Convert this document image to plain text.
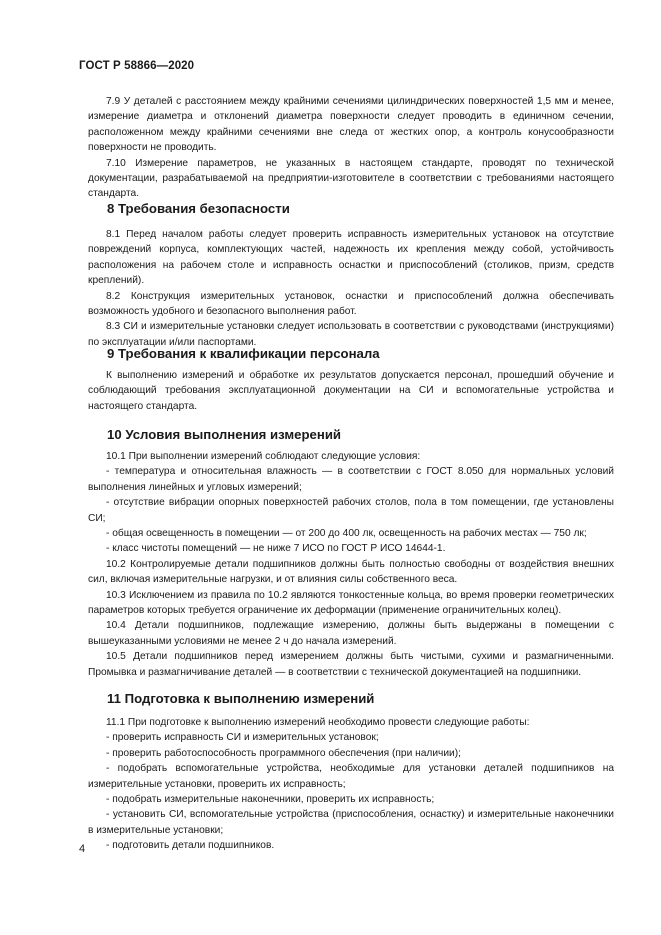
ГОСТ Р 58866—2020

7.9 У деталей с расстоянием между крайними сечениями цилиндрических поверхностей 1,5 мм и менее, измерение диаметра и отклонений диаметра поверхности следует проводить в единичном сечении, расположенном между крайними сечениями вне следа от жестких опор, а контроль конусообразности поверхности не проводить.

7.10 Измерение параметров, не указанных в настоящем стандарте, проводят по технической документации, разрабатываемой на предприятии-изготовителе в соответствии с требованиями настоящего стандарта.

8 Требования безопасности

8.1 Перед началом работы следует проверить исправность измерительных установок на отсутствие повреждений корпуса, комплектующих частей, надежность их крепления между собой, устойчивость расположения на рабочем столе и исправность оснастки и приспособлений (столиков, призм, средств креплений).

8.2 Конструкция измерительных установок, оснастки и приспособлений должна обеспечивать возможность удобного и безопасного выполнения работ.

8.3 СИ и измерительные установки следует использовать в соответствии с руководствами (инструкциями) по эксплуатации и/или паспортами.

9 Требования к квалификации персонала

К выполнению измерений и обработке их результатов допускается персонал, прошедший обучение и соблюдающий требования эксплуатационной документации на СИ и вспомогательные устройства и настоящего стандарта.

10 Условия выполнения измерений

10.1 При выполнении измерений соблюдают следующие условия:

- температура и относительная влажность — в соответствии с ГОСТ 8.050 для нормальных условий выполнения линейных и угловых измерений;

- отсутствие вибрации опорных поверхностей рабочих столов, пола в том помещении, где установлены СИ;

- общая освещенность в помещении — от 200 до 400 лк, освещенность на рабочих местах — 750 лк;

- класс чистоты помещений — не ниже 7 ИСО по ГОСТ Р ИСО 14644-1.

10.2 Контролируемые детали подшипников должны быть полностью свободны от воздействия внешних сил, включая измерительные нагрузки, и от влияния силы собственного веса.

10.3 Исключением из правила по 10.2 являются тонкостенные кольца, во время проверки геометрических параметров которых требуется ограничение их деформации (применение ограничительных колец).

10.4 Детали подшипников, подлежащие измерению, должны быть выдержаны в помещении с вышеуказанными условиями не менее 2 ч до начала измерений.

10.5 Детали подшипников перед измерением должны быть чистыми, сухими и размагниченными. Промывка и размагничивание деталей — в соответствии с технической документацией на подшипники.

11 Подготовка к выполнению измерений

11.1 При подготовке к выполнению измерений необходимо провести следующие работы:

- проверить исправность СИ и измерительных установок;

- проверить работоспособность программного обеспечения (при наличии);

- подобрать вспомогательные устройства, необходимые для установки деталей подшипников на измерительные установки, проверить их исправность;

- подобрать измерительные наконечники, проверить их исправность;

- установить СИ, вспомогательные устройства (приспособления, оснастку) и измерительные наконечники в измерительные установки;

- подготовить детали подшипников.

4
